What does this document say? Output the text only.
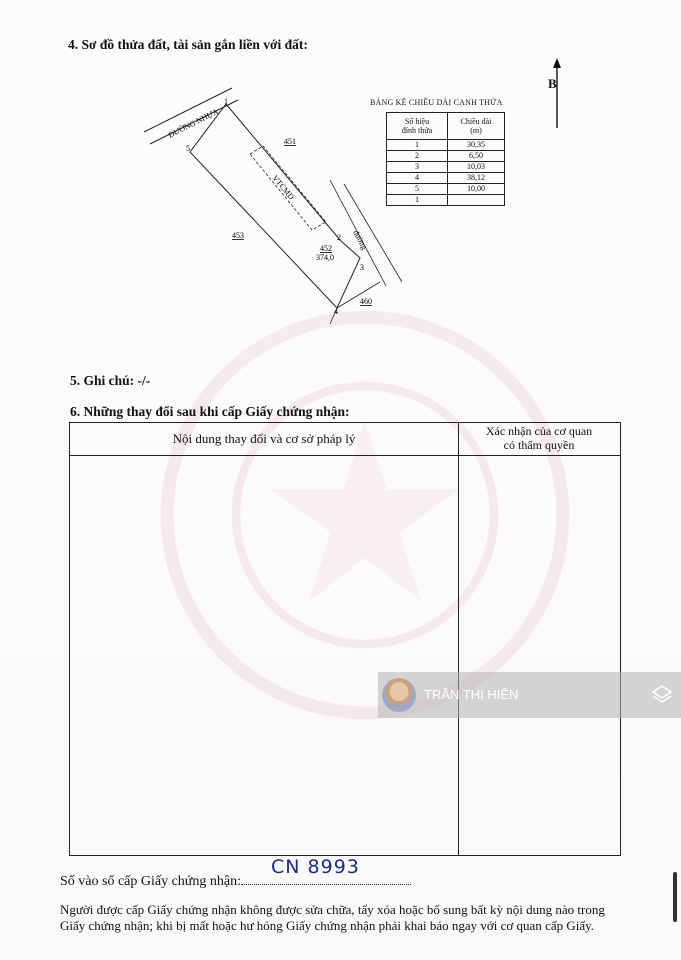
4. Sơ đồ thửa đất, tài sản gắn liền với đất:
ĐƯỜNG NHỰA
VTCMD
đường
1
2
3
4
5
451
453
460
452
374,0
B
BẢNG KÊ CHIỀU DÀI CẠNH THỬA
Số hiệu
đỉnh thửa	Chiều dài
(m)
1	30,35
2	6,50
3	10,03
4	38,12
5	10,00
1	
5. Ghi chú: -/-
6. Những thay đổi sau khi cấp Giấy chứng nhận:
Nội dung thay đổi và cơ sở pháp lý	Xác nhận của cơ quan
có thẩm quyền
TRẦN THỊ HIỀN
Số vào sổ cấp Giấy chứng nhận:
CN 8993
Người được cấp Giấy chứng nhận không được sửa chữa, tẩy xóa hoặc bổ sung bất kỳ nội dung nào trong Giấy chứng nhận; khi bị mất hoặc hư hỏng Giấy chứng nhận phải khai báo ngay với cơ quan cấp Giấy.
